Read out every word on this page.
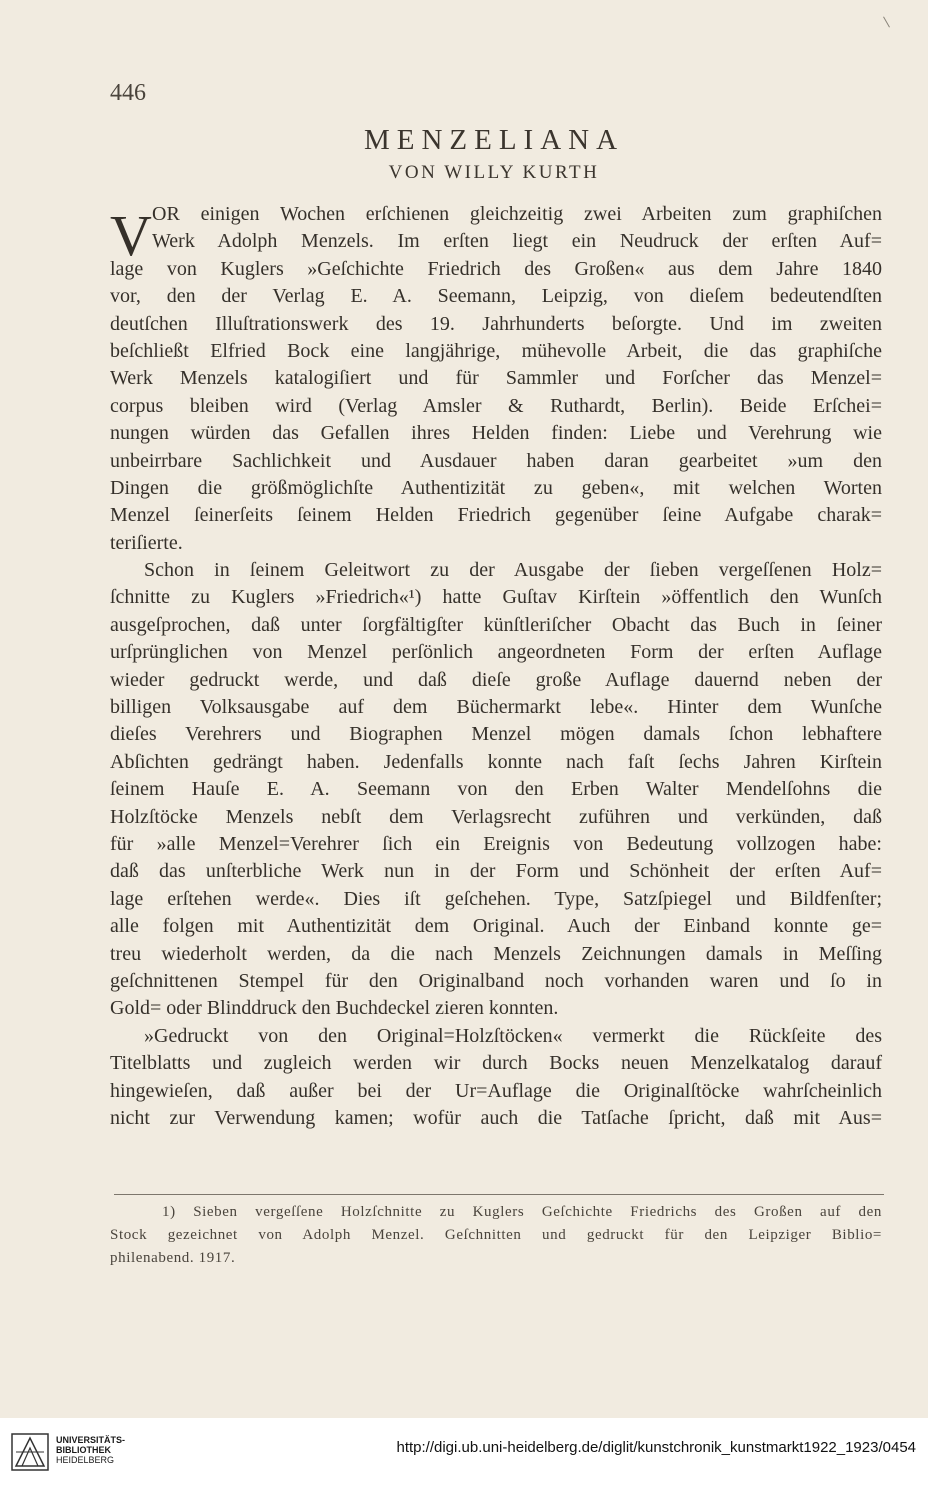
446
MENZELIANA
VON WILLY KURTH
V OR einigen Wochen erſchienen gleichzeitig zwei Arbeiten zum graphiſchen
Werk Adolph Menzels. Im erſten liegt ein Neudruck der erſten Auf=
lage von Kuglers »Geſchichte Friedrich des Großen« aus dem Jahre 1840
vor, den der Verlag E. A. Seemann, Leipzig, von dieſem bedeutendſten
deutſchen Illuſtrationswerk des 19. Jahrhunderts beſorgte. Und im zweiten
beſchließt Elfried Bock eine langjährige, mühevolle Arbeit, die das graphiſche
Werk Menzels katalogiſiert und für Sammler und Forſcher das Menzel=
corpus bleiben wird (Verlag Amsler & Ruthardt, Berlin). Beide Erſchei=
nungen würden das Gefallen ihres Helden finden: Liebe und Verehrung wie
unbeirrbare Sachlichkeit und Ausdauer haben daran gearbeitet »um den
Dingen die größmöglichſte Authentizität zu geben«, mit welchen Worten
Menzel ſeinerſeits ſeinem Helden Friedrich gegenüber ſeine Aufgabe charak=
teriſierte.
Schon in ſeinem Geleitwort zu der Ausgabe der ſieben vergeſſenen Holz=
ſchnitte zu Kuglers »Friedrich«¹) hatte Guſtav Kirſtein »öffentlich den Wunſch
ausgeſprochen, daß unter ſorgfältigſter künſtleriſcher Obacht das Buch in ſeiner
urſprünglichen von Menzel perſönlich angeordneten Form der erſten Auflage
wieder gedruckt werde, und daß dieſe große Auflage dauernd neben der
billigen Volksausgabe auf dem Büchermarkt lebe«. Hinter dem Wunſche
dieſes Verehrers und Biographen Menzel mögen damals ſchon lebhaftere
Abſichten gedrängt haben. Jedenfalls konnte nach faſt ſechs Jahren Kirſtein
ſeinem Hauſe E. A. Seemann von den Erben Walter Mendelſohns die
Holzſtöcke Menzels nebſt dem Verlagsrecht zuführen und verkünden, daß
für »alle Menzel=Verehrer ſich ein Ereignis von Bedeutung vollzogen habe:
daß das unſterbliche Werk nun in der Form und Schönheit der erſten Auf=
lage erſtehen werde«. Dies iſt geſchehen. Type, Satzſpiegel und Bildfenſter;
alle folgen mit Authentizität dem Original. Auch der Einband konnte ge=
treu wiederholt werden, da die nach Menzels Zeichnungen damals in Meſſing
geſchnittenen Stempel für den Originalband noch vorhanden waren und ſo in
Gold= oder Blinddruck den Buchdeckel zieren konnten.
»Gedruckt von den Original=Holzſtöcken« vermerkt die Rückſeite des
Titelblatts und zugleich werden wir durch Bocks neuen Menzelkatalog darauf
hingewieſen, daß außer bei der Ur=Auflage die Originalſtöcke wahrſcheinlich
nicht zur Verwendung kamen; wofür auch die Tatſache ſpricht, daß mit Aus=
1) Sieben vergeſſene Holzſchnitte zu Kuglers Geſchichte Friedrichs des Großen auf den
Stock gezeichnet von Adolph Menzel. Geſchnitten und gedruckt für den Leipziger Biblio=
philenabend. 1917.
UNIVERSITÄTS-
BIBLIOTHEK
HEIDELBERG
http://digi.ub.uni-heidelberg.de/diglit/kunstchronik_kunstmarkt1922_1923/0454
